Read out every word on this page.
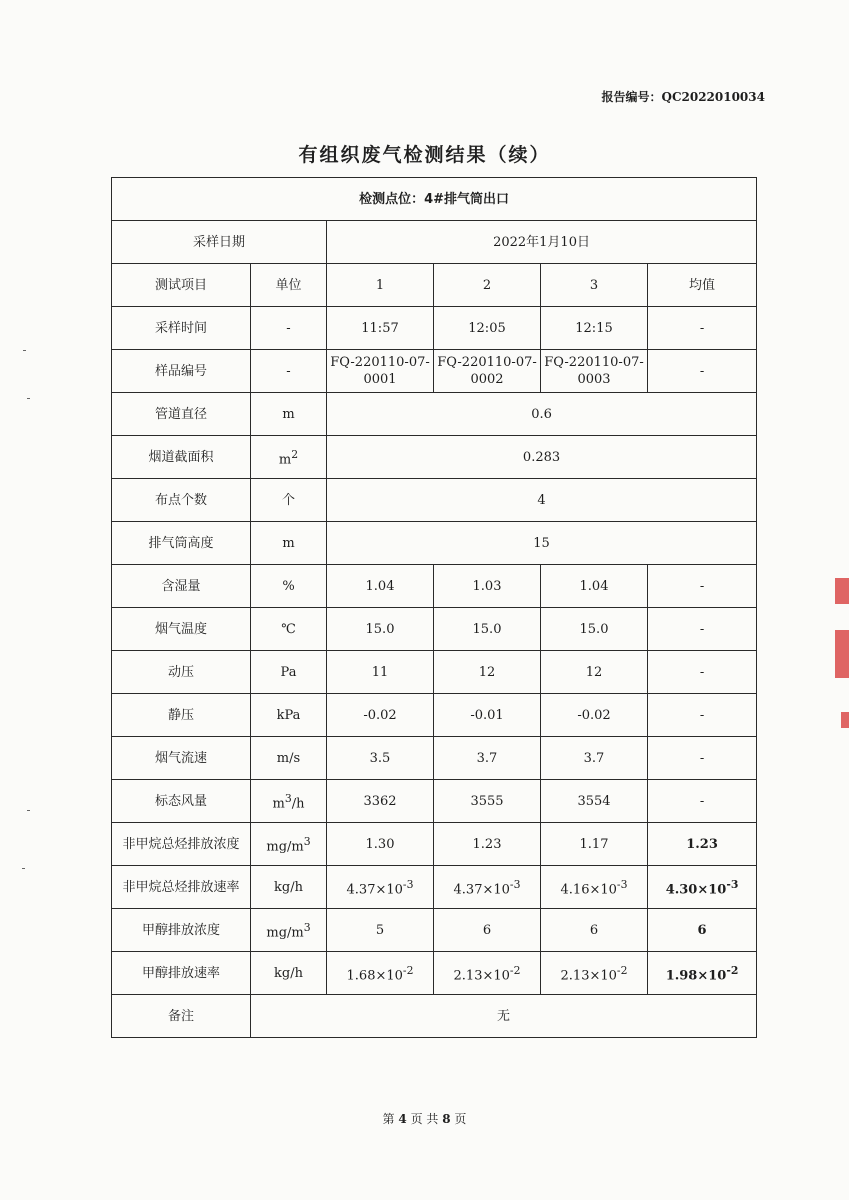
报告编号：QC2022010034
有组织废气检测结果（续）
检测点位：4#排气筒出口					
采样日期		2022年1月10日			
测试项目	单位	1	2	3	均值
采样时间	-	11:57	12:05	12:15	-
样品编号	-	FQ-220110-07-0001	FQ-220110-07-0002	FQ-220110-07-0003	-
管道直径	m	0.6			
烟道截面积	$m^2$	0.283			
布点个数	个	4			
排气筒高度	m	15			
含湿量	%	1.04	1.03	1.04	-
烟气温度	℃	15.0	15.0	15.0	-
动压	Pa	11	12	12	-
静压	kPa	-0.02	-0.01	-0.02	-
烟气流速	m/s	3.5	3.7	3.7	-
标态风量	$m^3/h$	3362	3555	3554	-
非甲烷总烃排放浓度	$mg/m^3$	1.30	1.23	1.17	1.23
非甲烷总烃排放速率	kg/h	$4.37\times 10^{-3}$	$4.37\times 10^{-3}$	$4.16\times 10^{-3}$	$4.30\times 10^{-3}$
甲醇排放浓度	$mg/m^3$	5	6	6	6
甲醇排放速率	kg/h	$1.68\times 10^{-2}$	$2.13\times 10^{-2}$	$2.13\times 10^{-2}$	$1.98\times 10^{-2}$
备注	无				
第 4 页 共 8 页
